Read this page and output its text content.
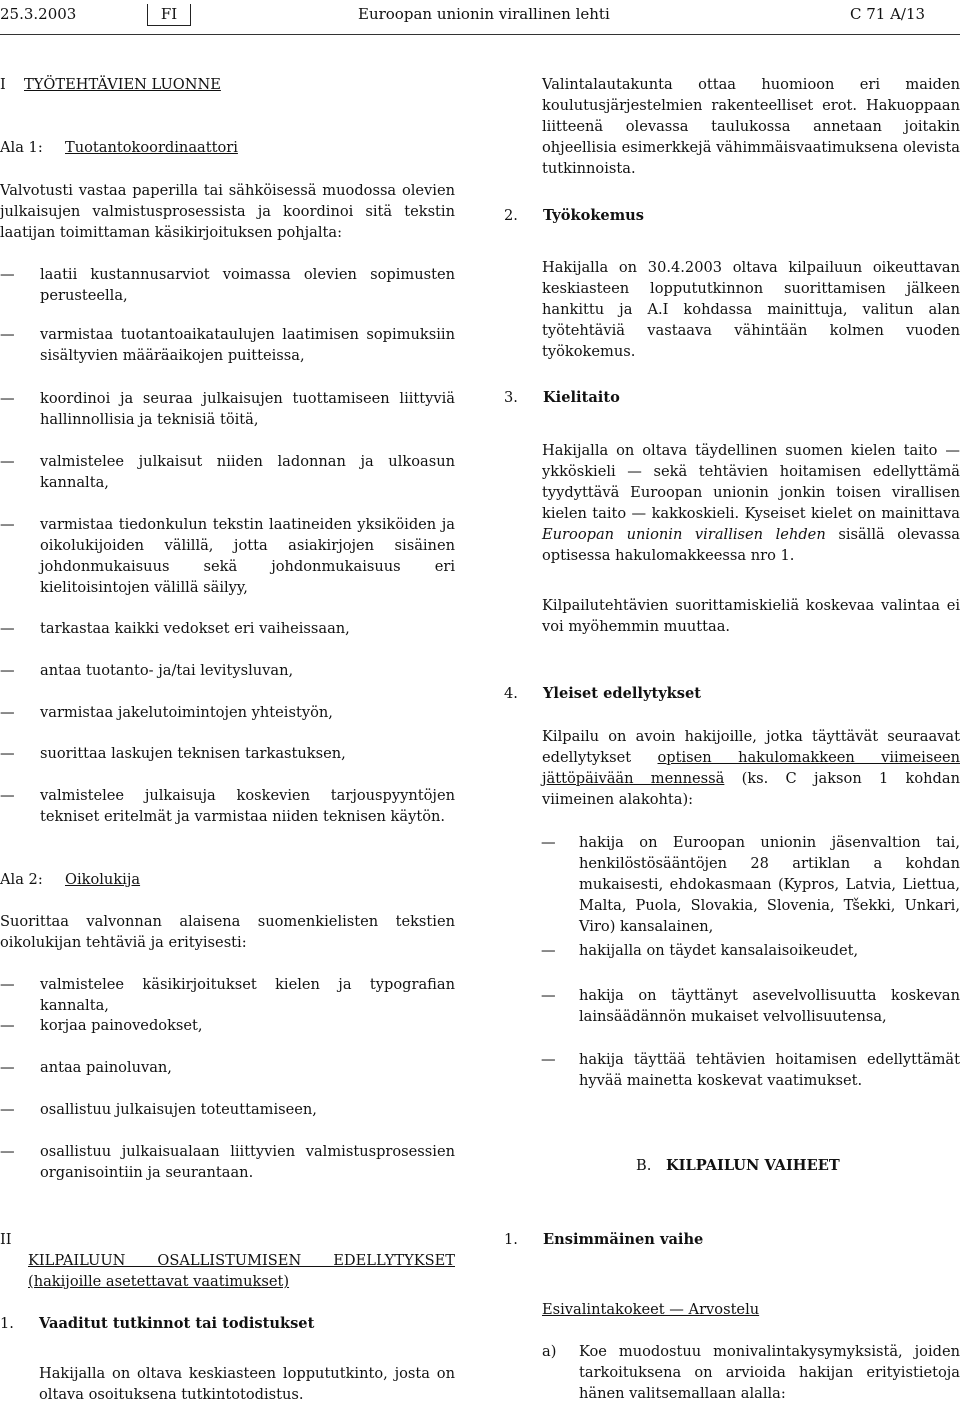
25.3.2003	FI	Euroopan unionin virallinen lehti	C 71 A/13
I TYÖTEHTÄVIEN LUONNE
Ala 1: Tuotantokoordinaattori
Valvotusti vastaa paperilla tai sähköisessä muodossa olevien julkaisujen valmistusprosessista ja koordinoi sitä tekstin laatijan toimittaman käsikirjoituksen pohjalta:
— laatii kustannusarviot voimassa olevien sopimusten perusteella,
— varmistaa tuotantoaikataulujen laatimisen sopimuksiin sisältyvien määräaikojen puitteissa,
— koordinoi ja seuraa julkaisujen tuottamiseen liittyviä hallinnollisia ja teknisiä töitä,
— valmistelee julkaisut niiden ladonnan ja ulkoasun kannalta,
— varmistaa tiedonkulun tekstin laatineiden yksiköiden ja oikolukijoiden välillä, jotta asiakirjojen sisäinen johdonmukaisuus sekä johdonmukaisuus eri kielitoisintojen välillä säilyy,
— tarkastaa kaikki vedokset eri vaiheissaan,
— antaa tuotanto- ja/tai levitysluvan,
— varmistaa jakelutoimintojen yhteistyön,
— suorittaa laskujen teknisen tarkastuksen,
— valmistelee julkaisuja koskevien tarjouspyyntöjen tekniset eritelmät ja varmistaa niiden teknisen käytön.
Ala 2: Oikolukija
Suorittaa valvonnan alaisena suomenkielisten tekstien oikolukijan tehtäviä ja erityisesti:
— valmistelee käsikirjoitukset kielen ja typografian kannalta,
— korjaa painovedokset,
— antaa painoluvan,
— osallistuu julkaisujen toteuttamiseen,
— osallistuu julkaisualaan liittyvien valmistusprosessien organisointiin ja seurantaan.
II
KILPAILUUN OSALLISTUMISEN EDELLYTYKSET (hakijoille asetettavat vaatimukset)
1. Vaaditut tutkinnot tai todistukset
Hakijalla on oltava keskiasteen loppututkinto, josta on oltava osoituksena tutkintotodistus.
Valintalautakunta ottaa huomioon eri maiden koulutusjärjestelmien rakenteelliset erot. Hakuoppaan liitteenä olevassa taulukossa annetaan joitakin ohjeellisia esimerkkejä vähimmäisvaatimuksena olevista tutkinnoista.
2. Työkokemus
Hakijalla on 30.4.2003 oltava kilpailuun oikeuttavan keskiasteen loppututkinnon suorittamisen jälkeen hankittu ja A.I kohdassa mainittuja, valitun alan työtehtäviä vastaava vähintään kolmen vuoden työkokemus.
3. Kielitaito
Hakijalla on oltava täydellinen suomen kielen taito — ykköskieli — sekä tehtävien hoitamisen edellyttämä tyydyttävä Euroopan unionin jonkin toisen virallisen kielen taito — kakkoskieli. Kyseiset kielet on mainittava Euroopan unionin virallisen lehden sisällä olevassa optisessa hakulomakkeessa nro 1.
Kilpailutehtävien suorittamiskieliä koskevaa valintaa ei voi myöhemmin muuttaa.
4. Yleiset edellytykset
Kilpailu on avoin hakijoille, jotka täyttävät seuraavat edellytykset optisen hakulomakkeen viimeiseen jättöpäivään mennessä (ks. C jakson 1 kohdan viimeinen alakohta):
— hakija on Euroopan unionin jäsenvaltion tai, henkilöstösääntöjen 28 artiklan a kohdan mukaisesti, ehdokasmaan (Kypros, Latvia, Liettua, Malta, Puola, Slovakia, Slovenia, Tšekki, Unkari, Viro) kansalainen,
— hakijalla on täydet kansalaisoikeudet,
— hakija on täyttänyt asevelvollisuutta koskevan lainsäädännön mukaiset velvollisuutensa,
— hakija täyttää tehtävien hoitamisen edellyttämät hyvää mainetta koskevat vaatimukset.
B. KILPAILUN VAIHEET
1. Ensimmäinen vaihe
Esivalintakokeet — Arvostelu
a) Koe muodostuu monivalintakysymyksistä, joiden tarkoituksena on arvioida hakijan erityistietoja hänen valitsemallaan alalla:
